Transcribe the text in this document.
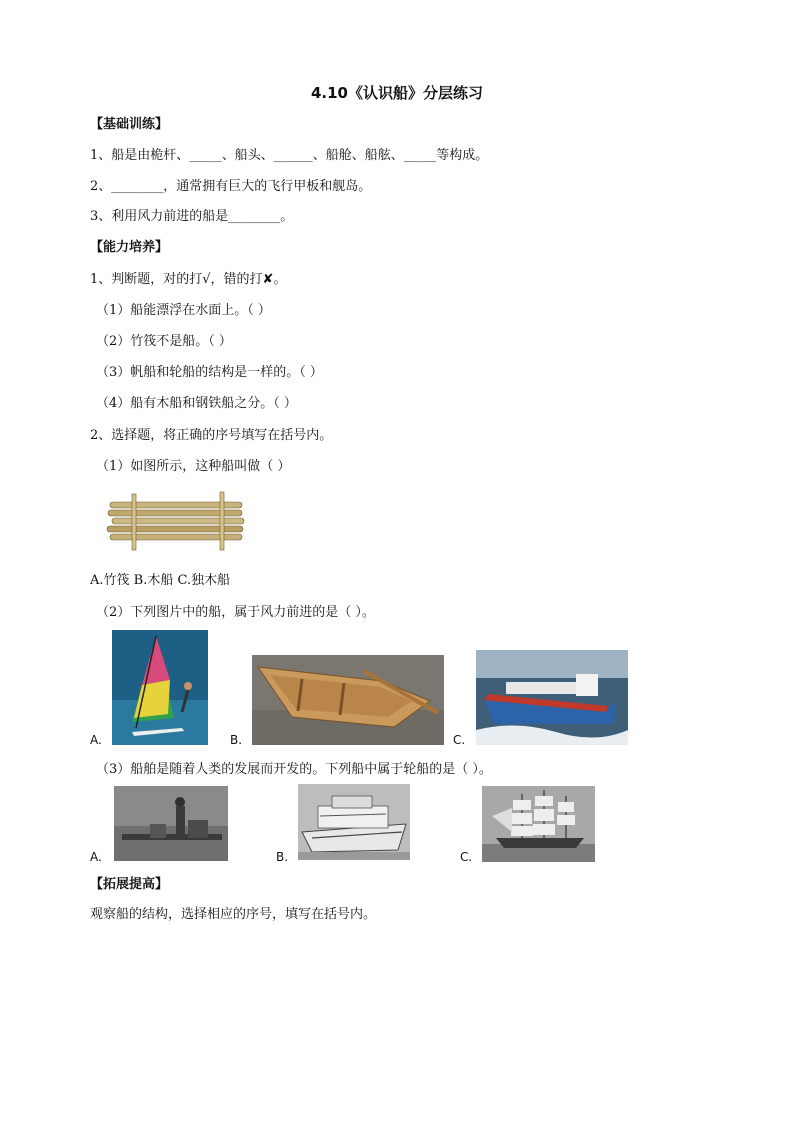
4.10《认识船》分层练习
【基础训练】
1、船是由桅杆、_____、船头、______、船舱、船舷、_____等构成。
2、________，通常拥有巨大的飞行甲板和舰岛。
3、利用风力前进的船是________。
【能力培养】
1、判断题，对的打√，错的打✘。
（1）船能漂浮在水面上。（ ）
（2）竹筏不是船。（ ）
（3）帆船和轮船的结构是一样的。（ ）
（4）船有木船和钢铁船之分。（ ）
2、选择题，将正确的序号填写在括号内。
（1）如图所示，这种船叫做（ ）
A.竹筏 B.木船 C.独木船
（2）下列图片中的船，属于风力前进的是（ ）。
A.	B.	C.
（3）船舶是随着人类的发展而开发的。下列船中属于轮船的是（ ）。
A.	B.	C.
【拓展提高】
观察船的结构，选择相应的序号，填写在括号内。
